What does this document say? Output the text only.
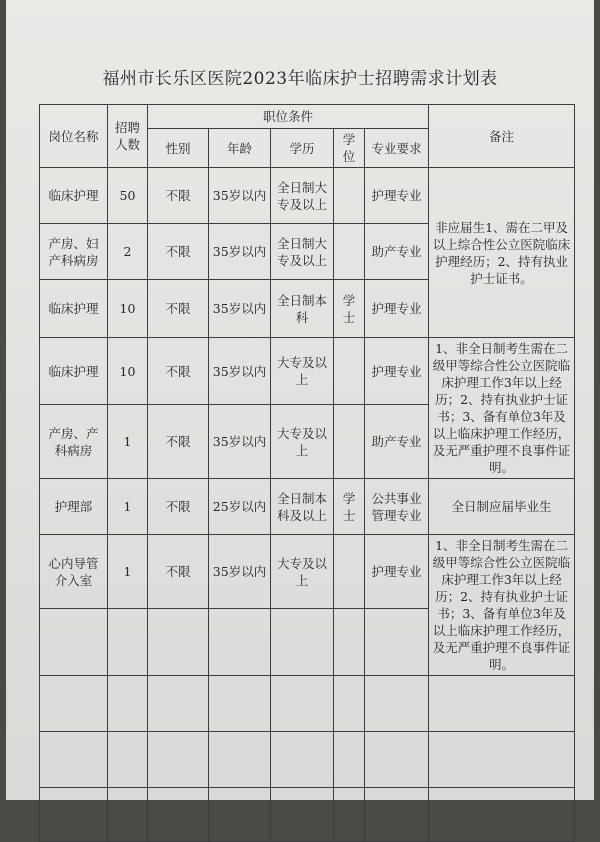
福州市长乐区医院2023年临床护士招聘需求计划表
岗位名称	招聘人数	职位条件					备注
		性别	年龄	学历	学位	专业要求	
临床护理	50	不限	35岁以内	全日制大专及以上		护理专业	非应届生1、需在二甲及以上综合性公立医院临床护理经历；2、持有执业护士证书。
产房、妇产科病房	2	不限	35岁以内	全日制大专及以上		助产专业	
临床护理	10	不限	35岁以内	全日制本科	学士	护理专业	
临床护理	10	不限	35岁以内	大专及以上		护理专业	1、非全日制考生需在二级甲等综合性公立医院临床护理工作3年以上经历；2、持有执业护士证书；3、备有单位3年及以上临床护理工作经历，及无严重护理不良事件证明。
产房、产科病房	1	不限	35岁以内	大专及以上		助产专业	
护理部	1	不限	25岁以内	全日制本科及以上	学士	公共事业管理专业	全日制应届毕业生
心内导管介入室	1	不限	35岁以内	大专及以上		护理专业	1、非全日制考生需在二级甲等综合性公立医院临床护理工作3年以上经历；2、持有执业护士证书；3、备有单位3年及以上临床护理工作经历，及无严重护理不良事件证明。
